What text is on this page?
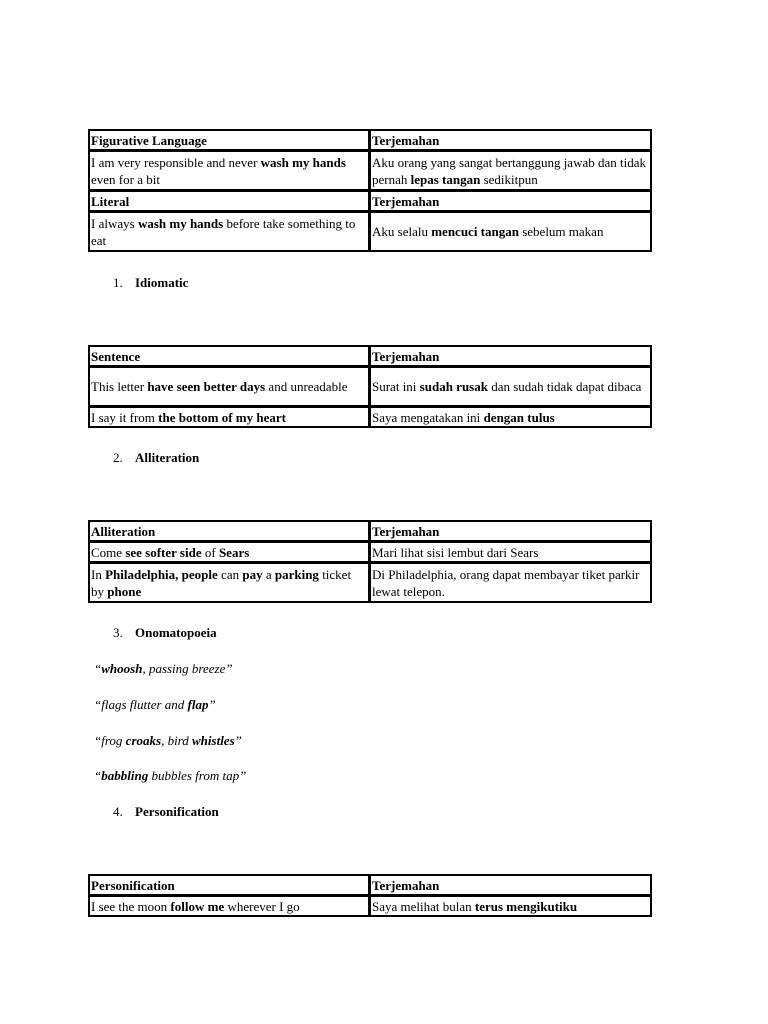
Figurative Language	Terjemahan
I am very responsible and never wash my hands even for a bit	Aku orang yang sangat bertanggung jawab dan tidak pernah lepas tangan sedikitpun
Literal	Terjemahan
I always wash my hands before take something to eat	Aku selalu mencuci tangan sebelum makan
1. Idiomatic
Sentence	Terjemahan
This letter have seen better days and unreadable	Surat ini sudah rusak dan sudah tidak dapat dibaca
I say it from the bottom of my heart	Saya mengatakan ini dengan tulus
2. Alliteration
Alliteration	Terjemahan
Come see softer side of Sears	Mari lihat sisi lembut dari Sears
In Philadelphia, people can pay a parking ticket by phone	Di Philadelphia, orang dapat membayar tiket parkir lewat telepon.
3. Onomatopoeia
“whoosh, passing breeze”
“flags flutter and flap”
“frog croaks, bird whistles”
“babbling bubbles from tap”
4. Personification
Personification	Terjemahan
I see the moon follow me wherever I go	Saya melihat bulan terus mengikutiku
